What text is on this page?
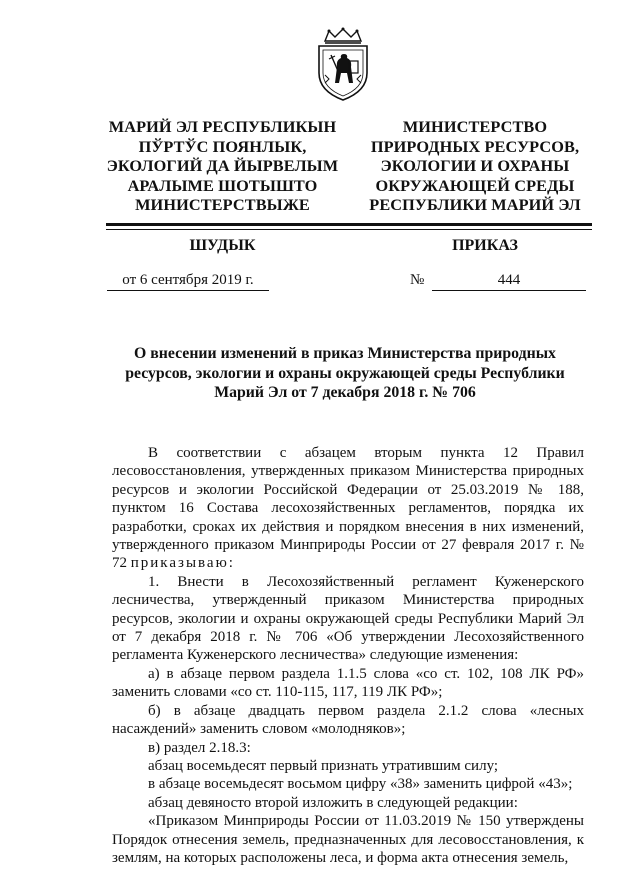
МАРИЙ ЭЛ РЕСПУБЛИКЫН
ПЎРТЎС ПОЯНЛЫК,
ЭКОЛОГИЙ ДА ЙЫРВЕЛЫМ
АРАЛЫМЕ ШОТЫШТО
МИНИСТЕРСТВЫЖЕ
МИНИСТЕРСТВО
ПРИРОДНЫХ РЕСУРСОВ,
ЭКОЛОГИИ И ОХРАНЫ
ОКРУЖАЮЩЕЙ СРЕДЫ
РЕСПУБЛИКИ МАРИЙ ЭЛ
ШУДЫК	ПРИКАЗ
от 6 сентября 2019 г.	№	444
О внесении изменений в приказ Министерства природных
ресурсов, экологии и охраны окружающей среды Республики
Марий Эл от 7 декабря 2018 г. № 706

В соответствии с абзацем вторым пункта 12 Правил лесовосстановления, утвержденных приказом Министерства природных ресурсов и экологии Российской Федерации от 25.03.2019 № 188, пунктом 16 Состава лесохозяйственных регламентов, порядка их разработки, сроках их действия и порядком внесения в них изменений, утвержденного приказом Минприроды России от 27 февраля 2017 г. № 72 приказываю:

1. Внести в Лесохозяйственный регламент Куженерского лесничества, утвержденный приказом Министерства природных ресурсов, экологии и охраны окружающей среды Республики Марий Эл от 7 декабря 2018 г. № 706 «Об утверждении Лесохозяйственного регламента Куженерского лесничества» следующие изменения:

а) в абзаце первом раздела 1.1.5 слова «со ст. 102, 108 ЛК РФ» заменить словами «со ст. 110-115, 117, 119 ЛК РФ»;

б) в абзаце двадцать первом раздела 2.1.2 слова «лесных насаждений» заменить словом «молодняков»;

в) раздел 2.18.3:

абзац восемьдесят первый признать утратившим силу;

в абзаце восемьдесят восьмом цифру «38» заменить цифрой «43»;

абзац девяносто второй изложить в следующей редакции:

«Приказом Минприроды России от 11.03.2019 № 150 утверждены Порядок отнесения земель, предназначенных для лесовосстановления, к землям, на которых расположены леса, и форма акта отнесения земель,
